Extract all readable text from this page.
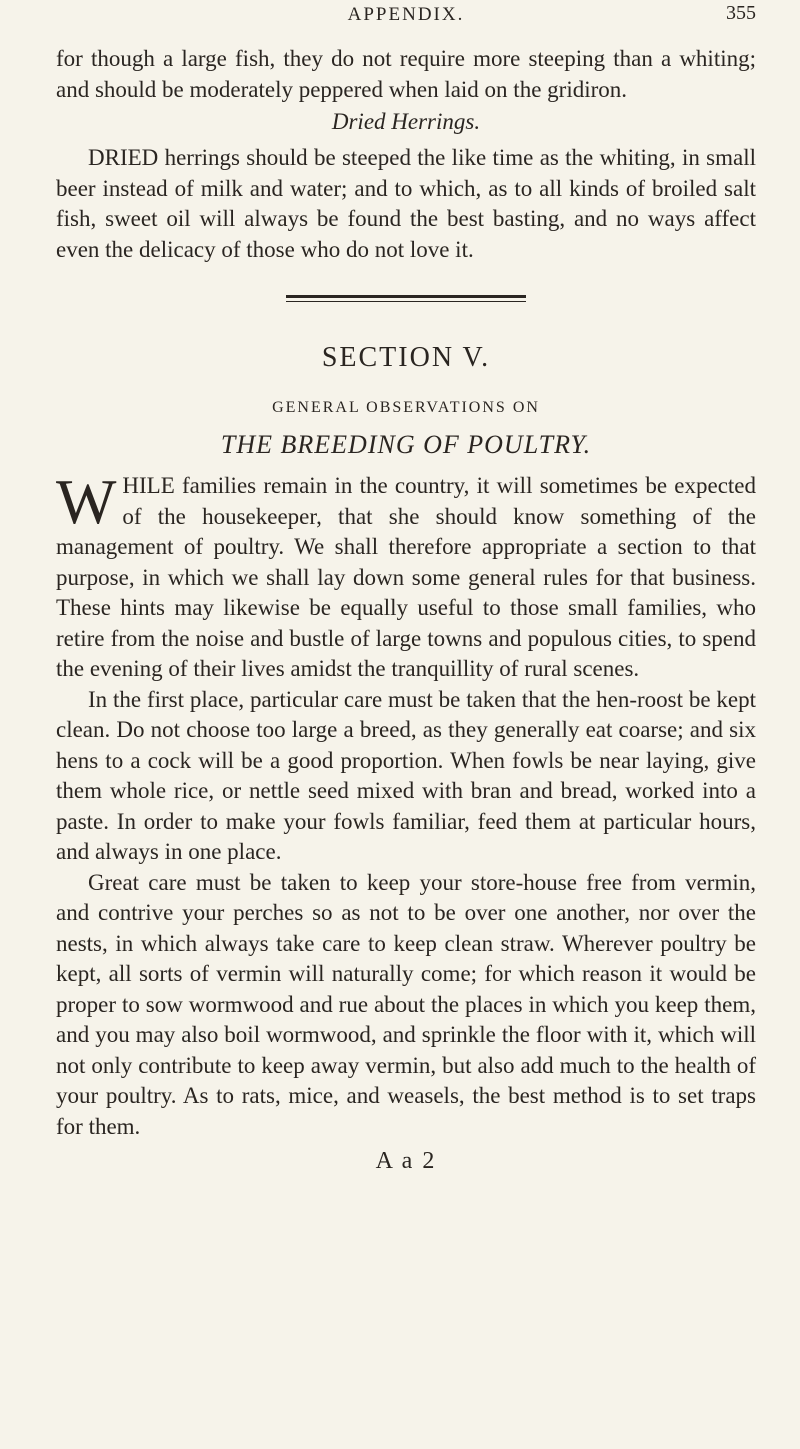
APPENDIX.	355

for though a large fish, they do not require more steeping than a whiting; and should be moderately peppered when laid on the gridiron.

Dried Herrings.

DRIED herrings should be steeped the like time as the whiting, in small beer instead of milk and water; and to which, as to all kinds of broiled salt fish, sweet oil will always be found the best basting, and no ways affect even the delicacy of those who do not love it.

SECTION V.
GENERAL OBSERVATIONS ON
THE BREEDING OF POULTRY.

WHILE families remain in the country, it will sometimes be expected of the housekeeper, that she should know something of the management of poultry. We shall therefore appropriate a section to that purpose, in which we shall lay down some general rules for that business. These hints may likewise be equally useful to those small families, who retire from the noise and bustle of large towns and populous cities, to spend the evening of their lives amidst the tranquillity of rural scenes.

In the first place, particular care must be taken that the hen-roost be kept clean. Do not choose too large a breed, as they generally eat coarse; and six hens to a cock will be a good proportion. When fowls be near laying, give them whole rice, or nettle seed mixed with bran and bread, worked into a paste. In order to make your fowls familiar, feed them at particular hours, and always in one place.

Great care must be taken to keep your store-house free from vermin, and contrive your perches so as not to be over one another, nor over the nests, in which always take care to keep clean straw. Wherever poultry be kept, all sorts of vermin will naturally come; for which reason it would be proper to sow wormwood and rue about the places in which you keep them, and you may also boil wormwood, and sprinkle the floor with it, which will not only contribute to keep away vermin, but also add much to the health of your poultry. As to rats, mice, and weasels, the best method is to set traps for them.

A a 2
